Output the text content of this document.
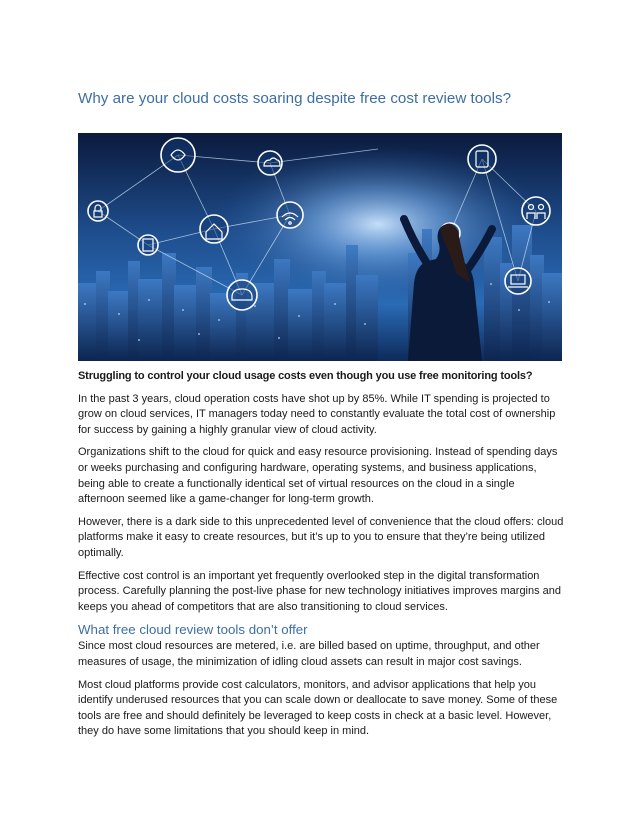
Why are your cloud costs soaring despite free cost review tools?

Struggling to control your cloud usage costs even though you use free monitoring tools?

In the past 3 years, cloud operation costs have shot up by 85%. While IT spending is projected to grow on cloud services, IT managers today need to constantly evaluate the total cost of ownership for success by gaining a highly granular view of cloud activity.

Organizations shift to the cloud for quick and easy resource provisioning. Instead of spending days or weeks purchasing and configuring hardware, operating systems, and business applications, being able to create a functionally identical set of virtual resources on the cloud in a single afternoon seemed like a game-changer for long-term growth.

However, there is a dark side to this unprecedented level of convenience that the cloud offers: cloud platforms make it easy to create resources, but it’s up to you to ensure that they’re being utilized optimally.

Effective cost control is an important yet frequently overlooked step in the digital transformation process. Carefully planning the post-live phase for new technology initiatives improves margins and keeps you ahead of competitors that are also transitioning to cloud services.

What free cloud review tools don’t offer

Since most cloud resources are metered, i.e. are billed based on uptime, throughput, and other measures of usage, the minimization of idling cloud assets can result in major cost savings.

Most cloud platforms provide cost calculators, monitors, and advisor applications that help you identify underused resources that you can scale down or deallocate to save money. Some of these tools are free and should definitely be leveraged to keep costs in check at a basic level. However, they do have some limitations that you should keep in mind.
